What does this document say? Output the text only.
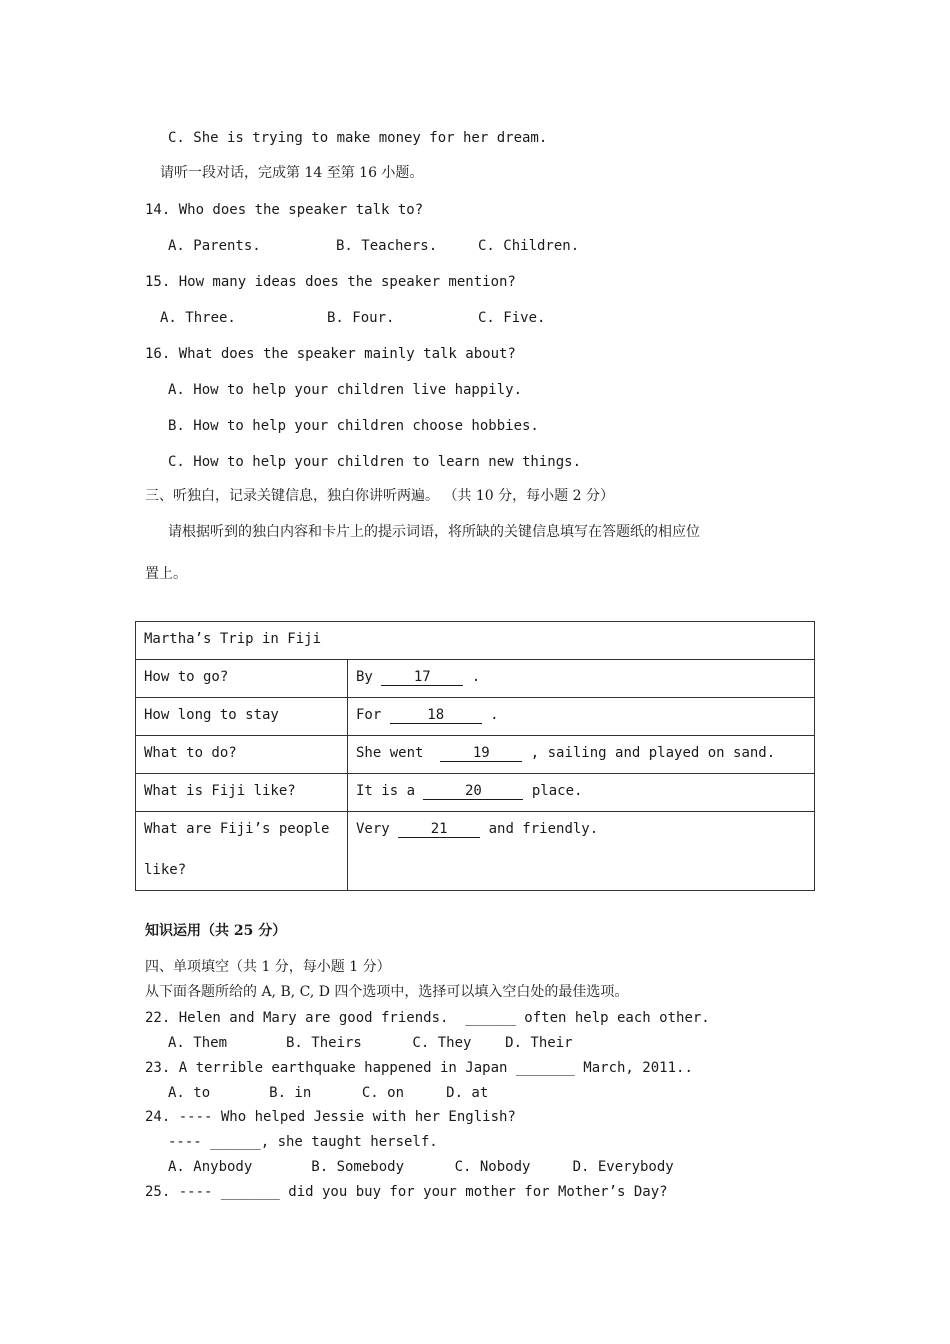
C. She is trying to make money for her dream.
请听一段对话，完成第 14 至第 16 小题。
14. Who does the speaker talk to?
A. Parents.	B. Teachers.	C. Children.
15. How many ideas does the speaker mention?
A. Three.	B. Four.	C. Five.
16. What does the speaker mainly talk about?
A. How to help your children live happily.
B. How to help your children choose hobbies.
C. How to help your children to learn new things.
三、听独白，记录关键信息，独白你讲听两遍。 （共 10 分，每小题 2 分）
请根据听到的独白内容和卡片上的提示词语，将所缺的关键信息填写在答题纸的相应位
置上。
Martha’s Trip in Fiji	
How to go?	By 17 .
How long to stay	For 18 .
What to do?	She went  19 , sailing and played on sand.
What is Fiji like?	It is a 20 place.
What are Fiji’s people
like?	Very 21 and friendly.
知识运用（共 25 分）
四、单项填空（共 1 分，每小题 1 分）
从下面各题所给的 A, B, C, D 四个选项中，选择可以填入空白处的最佳选项。
22. Helen and Mary are good friends.  ______ often help each other.
A. Them       B. Theirs      C. They    D. Their
23. A terrible earthquake happened in Japan _______ March, 2011..
A. to       B. in      C. on     D. at
24. ---- Who helped Jessie with her English?
---- ______, she taught herself.
A. Anybody       B. Somebody      C. Nobody     D. Everybody
25. ---- _______ did you buy for your mother for Mother’s Day?
